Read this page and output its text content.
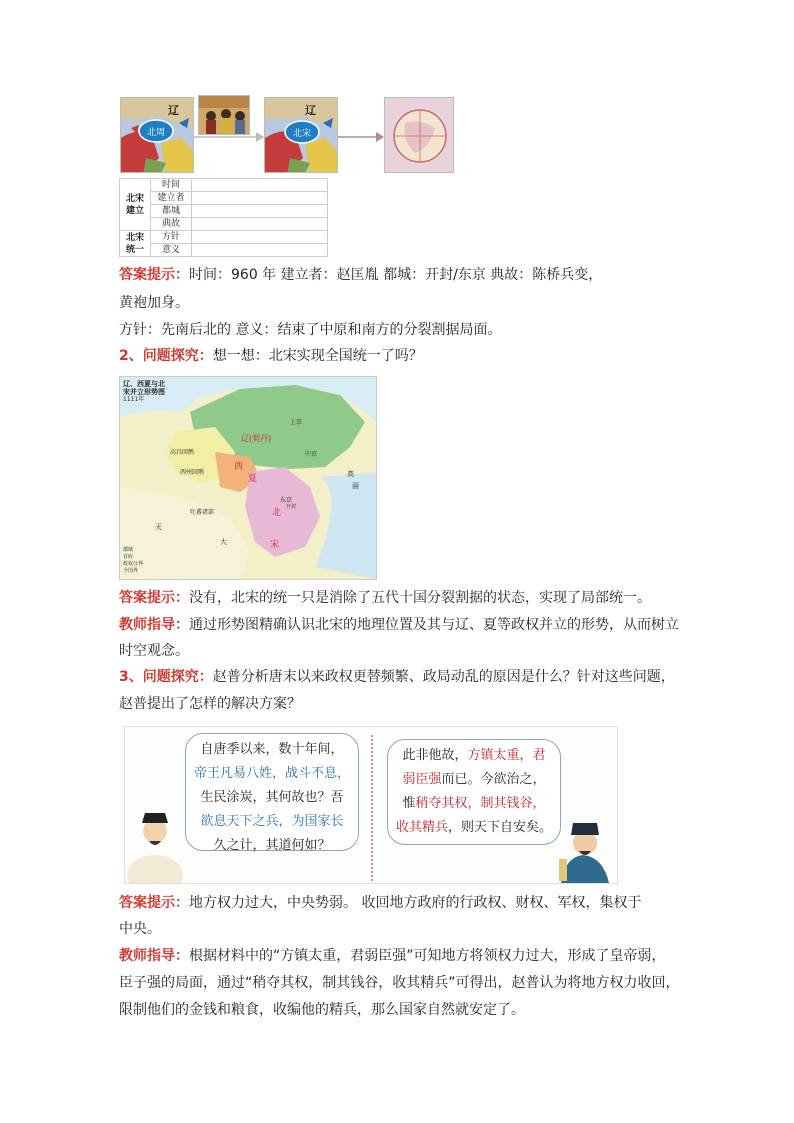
辽
北周
辽
北宋
北宋建立	时间	
	建立者	
	都城	
	典故	
北宋统一	方针	
	意义	
答案提示：时间：960 年 建立者：赵匡胤 都城：开封/东京 典故：陈桥兵变，
黄袍加身。
方针：先南后北的 意义：结束了中原和南方的分裂割据局面。
2、问题探究：想一想：北宋实现全国统一了吗？
辽、西夏与北
宋并立形势图
1111年
辽(契丹)
上京
中京
东京
高昌回鹘
西州回鹘
西
夏
北
宋
开封
吐蕃诸部
天
大
高
丽
都城
首府
政权分界
今国界
答案提示：没有，北宋的统一只是消除了五代十国分裂割据的状态，实现了局部统一。
教师指导：通过形势图精确认识北宋的地理位置及其与辽、夏等政权并立的形势，从而树立
时空观念。
3、问题探究：赵普分析唐末以来政权更替频繁、政局动乱的原因是什么？针对这些问题，
赵普提出了怎样的解决方案？
自唐季以来，数十年间，
帝王凡易八姓，战斗不息，
生民涂炭，其何故也？吾
欲息天下之兵，为国家长
久之计，其道何如？
此非他故，方镇太重，君
弱臣强而已。今欲治之，
惟稍夺其权，制其钱谷，
收其精兵，则天下自安矣。
答案提示：地方权力过大，中央势弱。 收回地方政府的行政权、财权、军权，集权于
中央。
教师指导：根据材料中的“方镇太重，君弱臣强”可知地方将领权力过大，形成了皇帝弱，
臣子强的局面，通过“稍夺其权，制其钱谷，收其精兵”可得出，赵普认为将地方权力收回，
限制他们的金钱和粮食，收编他的精兵，那么国家自然就安定了。
